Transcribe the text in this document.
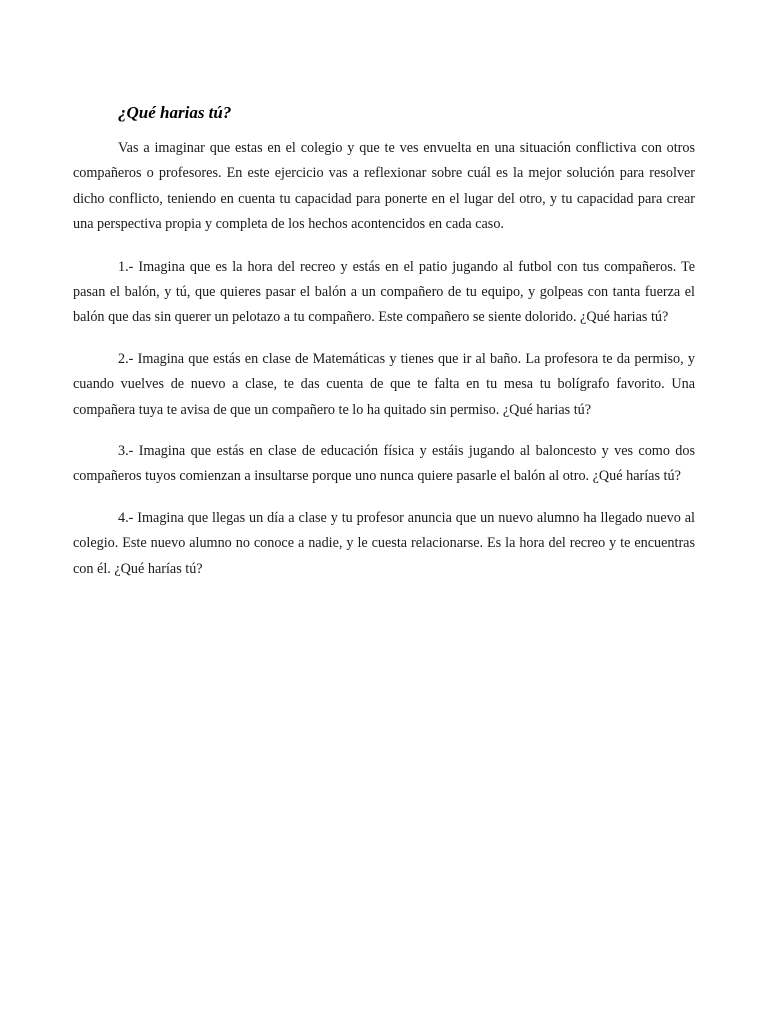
¿Qué harias tú?

Vas a imaginar que estas en el colegio y que te ves envuelta en una situación conflictiva con otros compañeros o profesores. En este ejercicio vas a reflexionar sobre cuál es la mejor solución para resolver dicho conflicto, teniendo en cuenta tu capacidad para ponerte en el lugar del otro, y tu capacidad para crear una perspectiva propia y completa de los hechos acontencidos en cada caso.

1.- Imagina que es la hora del recreo y estás en el patio jugando al futbol con tus compañeros. Te pasan el balón, y tú, que quieres pasar el balón a un compañero de tu equipo, y golpeas con tanta fuerza el balón que das sin querer un pelotazo a tu compañero. Este compañero se siente dolorido. ¿Qué harias tú?

2.- Imagina que estás en clase de Matemáticas y tienes que ir al baño. La profesora te da permiso, y cuando vuelves de nuevo a clase, te das cuenta de que te falta en tu mesa tu bolígrafo favorito. Una compañera tuya te avisa de que un compañero te lo ha quitado sin permiso. ¿Qué harias tú?

3.- Imagina que estás en clase de educación física y estáis jugando al baloncesto y ves como dos compañeros tuyos comienzan a insultarse porque uno nunca quiere pasarle el balón al otro. ¿Qué harías tú?

4.- Imagina que llegas un día a clase y tu profesor anuncia que un nuevo alumno ha llegado nuevo al colegio. Este nuevo alumno no conoce a nadie, y le cuesta relacionarse. Es la hora del recreo y te encuentras con él. ¿Qué harías tú?
